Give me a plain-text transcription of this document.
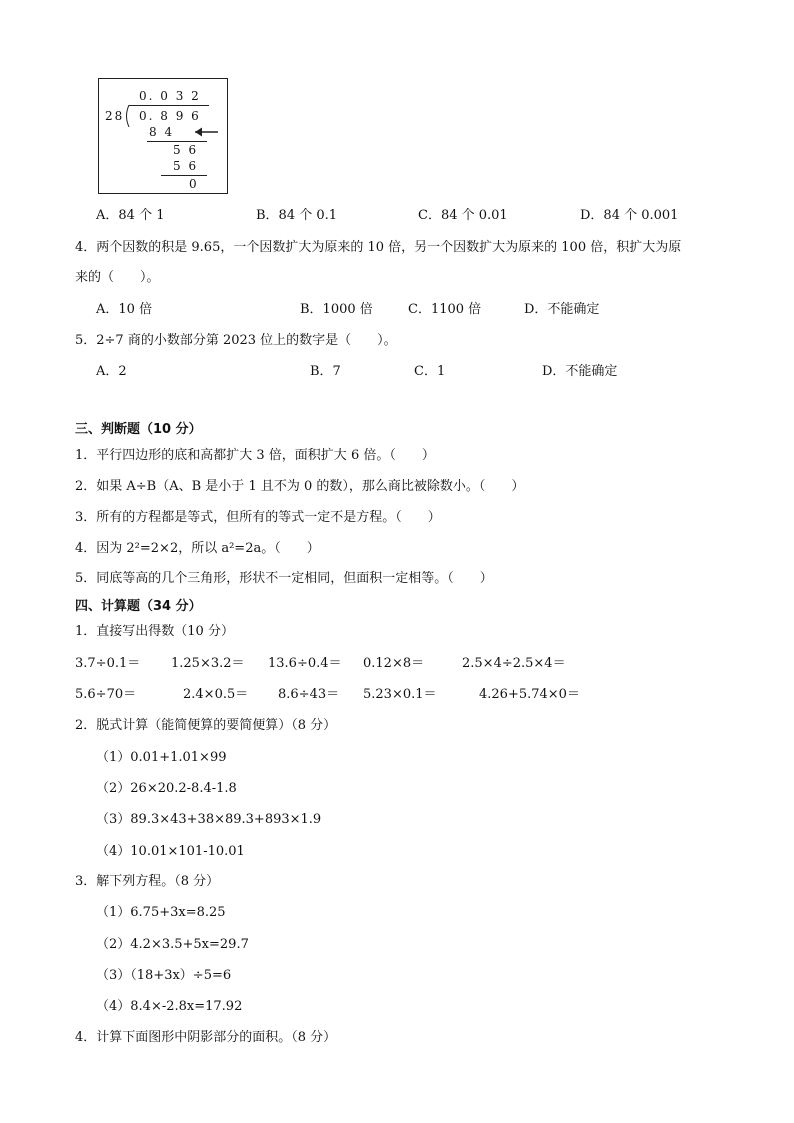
0. 0 3 2
28 0. 8 9 6
8 4
5 6
5 6
0
A．84 个 1	B．84 个 0.1	C．84 个 0.01	D．84 个 0.001
4．两个因数的积是 9.65，一个因数扩大为原来的 10 倍，另一个因数扩大为原来的 100 倍，积扩大为原
来的（　　）。
A．10 倍	B．1000 倍	C．1100 倍	D．不能确定
5．2÷7 商的小数部分第 2023 位上的数字是（　　）。
A．2	B．7	C．1	D．不能确定
三、判断题（10 分）
1．平行四边形的底和高都扩大 3 倍，面积扩大 6 倍。（　　）
2．如果 A÷B（A、B 是小于 1 且不为 0 的数），那么商比被除数小。（　　）
3．所有的方程都是等式，但所有的等式一定不是方程。（　　）
4．因为 2²=2×2，所以 a²=2a。（　　）
5．同底等高的几个三角形，形状不一定相同，但面积一定相等。（　　）
四、计算题（34 分）
1．直接写出得数（10 分）
3.7÷0.1＝ 1.25×3.2＝ 13.6÷0.4＝ 0.12×8＝	2.5×4÷2.5×4＝
5.6÷70＝	2.4×0.5＝ 8.6÷43＝ 5.23×0.1＝	4.26+5.74×0＝
2．脱式计算（能简便算的要简便算）（8 分）
（1）0.01+1.01×99
（2）26×20.2-8.4-1.8
（3）89.3×43+38×89.3+893×1.9
（4）10.01×101-10.01
3．解下列方程。（8 分）
（1）6.75+3x=8.25
（2）4.2×3.5+5x=29.7
（3）（18+3x）÷5=6
（4）8.4×-2.8x=17.92
4．计算下面图形中阴影部分的面积。（8 分）
